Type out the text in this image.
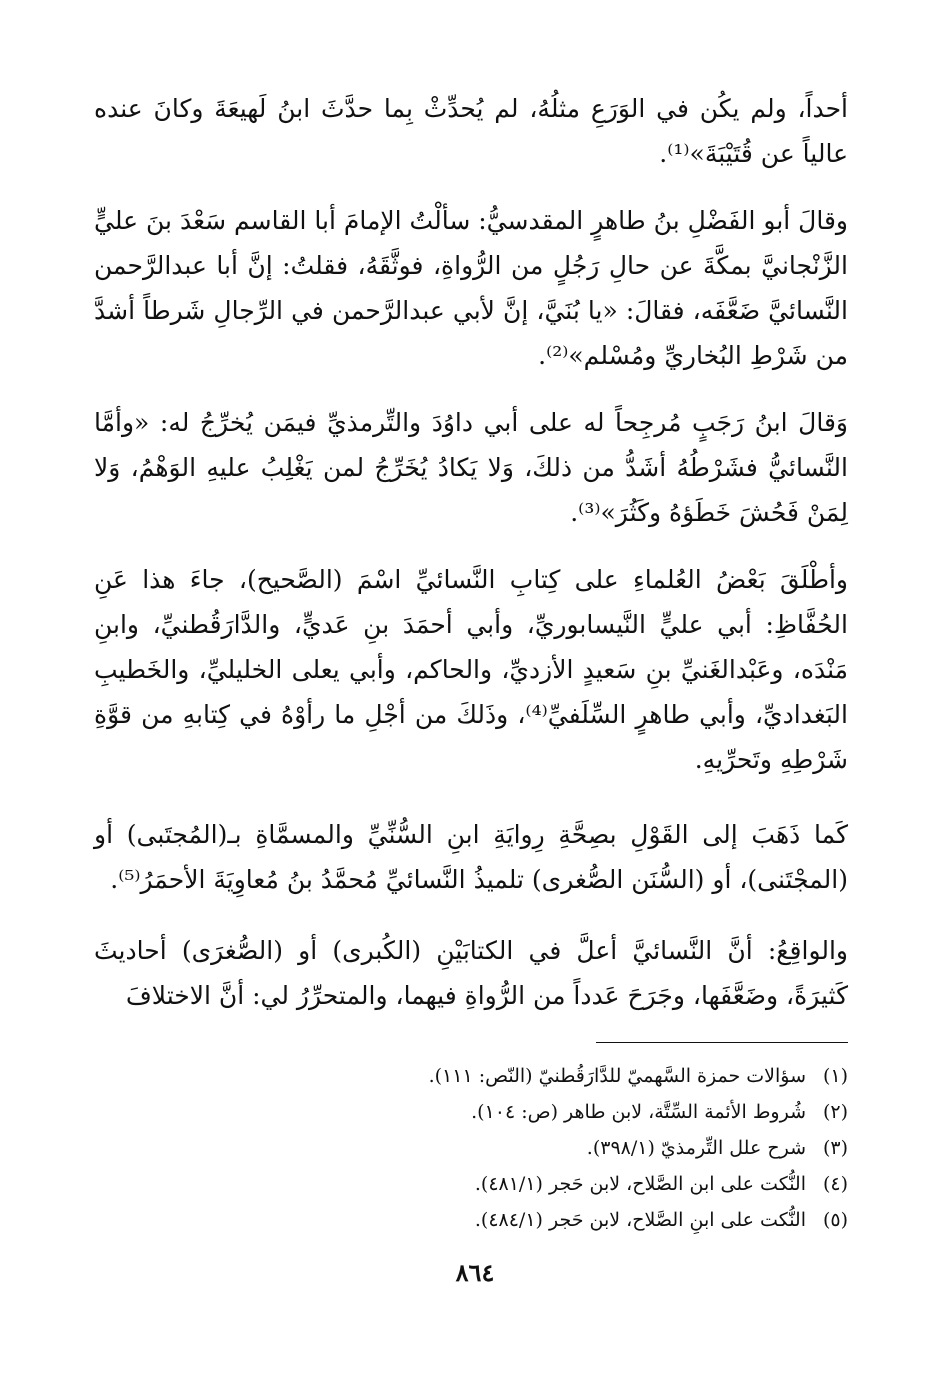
أحداً، ولم يكُن في الوَرَعِ مثلُهُ، لم يُحدِّثْ بِما حدَّثَ ابنُ لَهيعَةَ وكانَ عنده عالياً عن قُتَيْبَةَ»⁽¹⁾.

وقالَ أبو الفَضْلِ بنُ طاهرٍ المقدسيُّ: سألْتُ الإمامَ أبا القاسم سَعْدَ بنَ عليٍّ الزَّنْجانيَّ بمكَّةَ عن حالِ رَجُلٍ من الرُّواةِ، فوثَّقَهُ، فقلتُ: إنَّ أبا عبدالرَّحمن النَّسائيَّ ضَعَّفَه، فقالَ: «يا بُنَيَّ، إنَّ لأبي عبدالرَّحمن في الرِّجالِ شَرطاً أشدَّ من شَرْطِ البُخاريِّ ومُسْلم»⁽²⁾.

وَقالَ ابنُ رَجَبٍ مُرجِحاً له على أبي داوُدَ والتِّرمذيِّ فيمَن يُخرِّجُ له: «وأمَّا النَّسائيُّ فشَرْطُهُ أشَدُّ من ذلكَ، وَلا يَكادُ يُخَرِّجُ لمن يَغْلِبُ عليهِ الوَهْمُ، وَلا لِمَنْ فَحُشَ خَطَؤهُ وكَثُرَ»⁽³⁾.

وأطْلَقَ بَعْضُ العُلماءِ على كِتابِ النَّسائيِّ اسْمَ (الصَّحيح)، جاءَ هذا عَنِ الحُفَّاظِ: أبي عليٍّ النَّيسابوريِّ، وأبي أحمَدَ بنِ عَديٍّ، والدَّارَقُطنيِّ، وابنِ مَنْدَه، وعَبْدالغَنيِّ بنِ سَعيدٍ الأزديِّ، والحاكم، وأبي يعلى الخليليِّ، والخَطيبِ البَغداديِّ، وأبي طاهرٍ السِّلَفيِّ⁽⁴⁾، وذَلكَ من أجْلِ ما رأوْهُ في كِتابهِ من قوَّةِ شَرْطِهِ وتَحرِّيهِ.

كَما ذَهَبَ إلى القَوْلِ بصِحَّةِ رِوايَةِ ابنِ السُّنِّيِّ والمسمَّاةِ بـ(المُجتَبى) أو (المجْتَنى)، أو (السُّنَن الصُّغرى) تلميذُ النَّسائيِّ مُحمَّدُ بنُ مُعاوِيَةَ الأحمَرُ⁽⁵⁾.

والواقِعُ: أنَّ النَّسائيَّ أعلَّ في الكتابَيْنِ (الكُبرى) أو (الصُّغرَى) أحاديثَ كَثيرَةً، وضَعَّفَها، وجَرَحَ عَدداً من الرُّواةِ فيهما، والمتحرِّرُ لي: أنَّ الاختلافَ

(١)
سؤالات حمزة السَّهميّ للدَّارَقُطنيّ (النّص: ١١١).
(٢)
شُروط الأئمة السِّتَّة، لابن طاهر (ص: ١٠٤).
(٣)
شرح علل التِّرمذيّ (٣٩٨/١).
(٤)
النُّكت على ابن الصَّلاح، لابن حَجر (٤٨١/١).
(٥)
النُّكت على ابنِ الصَّلاح، لابن حَجر (٤٨٤/١).
٨٦٤
